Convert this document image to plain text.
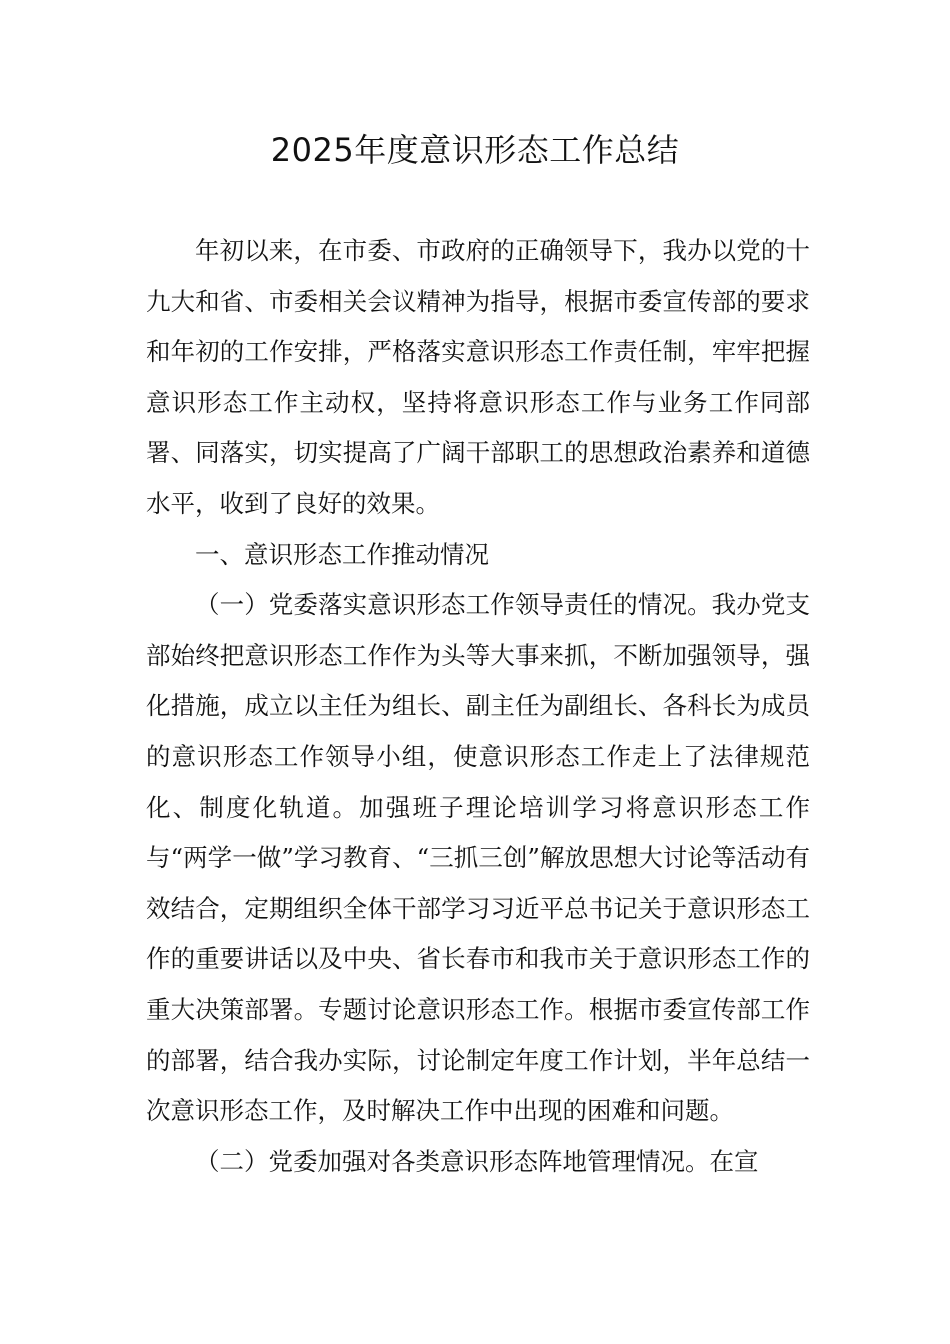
2025年度意识形态工作总结

年初以来，在市委、市政府的正确领导下，我办以党的十九大和省、市委相关会议精神为指导，根据市委宣传部的要求和年初的工作安排，严格落实意识形态工作责任制，牢牢把握意识形态工作主动权，坚持将意识形态工作与业务工作同部署、同落实，切实提高了广阔干部职工的思想政治素养和道德水平，收到了良好的效果。

一、意识形态工作推动情况

（一）党委落实意识形态工作领导责任的情况。我办党支部始终把意识形态工作作为头等大事来抓，不断加强领导，强化措施，成立以主任为组长、副主任为副组长、各科长为成员的意识形态工作领导小组，使意识形态工作走上了法律规范化、制度化轨道。加强班子理论培训学习将意识形态工作与“两学一做”学习教育、“三抓三创”解放思想大讨论等活动有效结合，定期组织全体干部学习习近平总书记关于意识形态工作的重要讲话以及中央、省长春市和我市关于意识形态工作的重大决策部署。专题讨论意识形态工作。根据市委宣传部工作的部署，结合我办实际，讨论制定年度工作计划，半年总结一次意识形态工作，及时解决工作中出现的困难和问题。

（二）党委加强对各类意识形态阵地管理情况。在宣
